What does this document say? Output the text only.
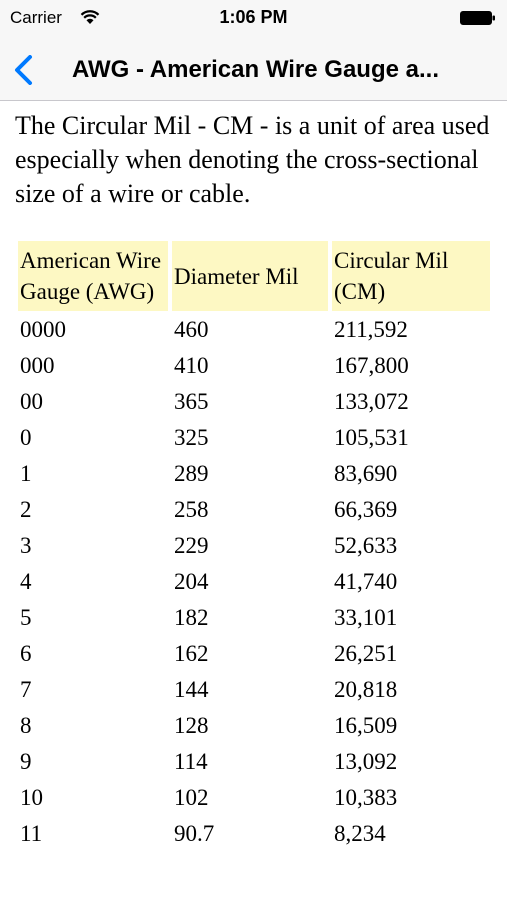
Carrier	1:06 PM
AWG - American Wire Gauge a...

The Circular Mil - CM - is a unit of area used especially when denoting the cross-sectional size of a wire or cable.

American Wire Gauge (AWG)	Diameter Mil	Circular Mil (CM)
0000	460	211,592
000	410	167,800
00	365	133,072
0	325	105,531
1	289	83,690
2	258	66,369
3	229	52,633
4	204	41,740
5	182	33,101
6	162	26,251
7	144	20,818
8	128	16,509
9	114	13,092
10	102	10,383
11	90.7	8,234
